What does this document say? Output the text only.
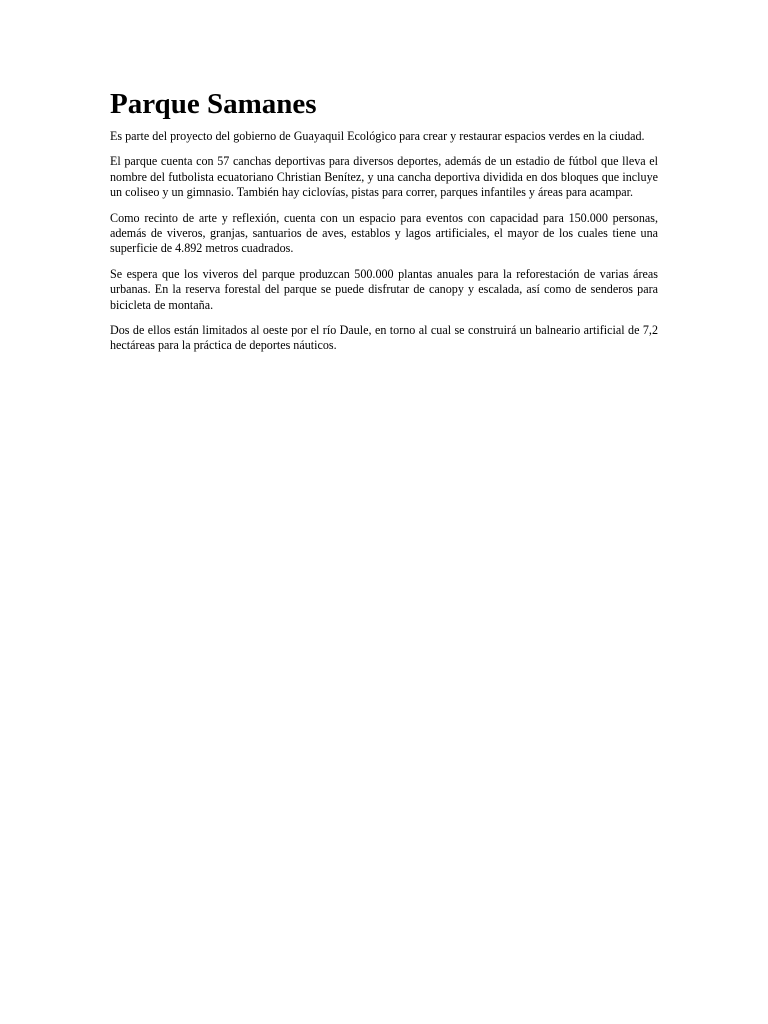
Parque Samanes

Es parte del proyecto del gobierno de Guayaquil Ecológico para crear y restaurar espacios verdes en la ciudad.

El parque cuenta con 57 canchas deportivas para diversos deportes, además de un estadio de fútbol que lleva el nombre del futbolista ecuatoriano Christian Benítez, y una cancha deportiva dividida en dos bloques que incluye un coliseo y un gimnasio. También hay ciclovías, pistas para correr, parques infantiles y áreas para acampar.

Como recinto de arte y reflexión, cuenta con un espacio para eventos con capacidad para 150.000 personas, además de viveros, granjas, santuarios de aves, establos y lagos artificiales, el mayor de los cuales tiene una superficie de 4.892 metros cuadrados.

Se espera que los viveros del parque produzcan 500.000 plantas anuales para la reforestación de varias áreas urbanas. En la reserva forestal del parque se puede disfrutar de canopy y escalada, así como de senderos para bicicleta de montaña.

Dos de ellos están limitados al oeste por el río Daule, en torno al cual se construirá un balneario artificial de 7,2 hectáreas para la práctica de deportes náuticos.
